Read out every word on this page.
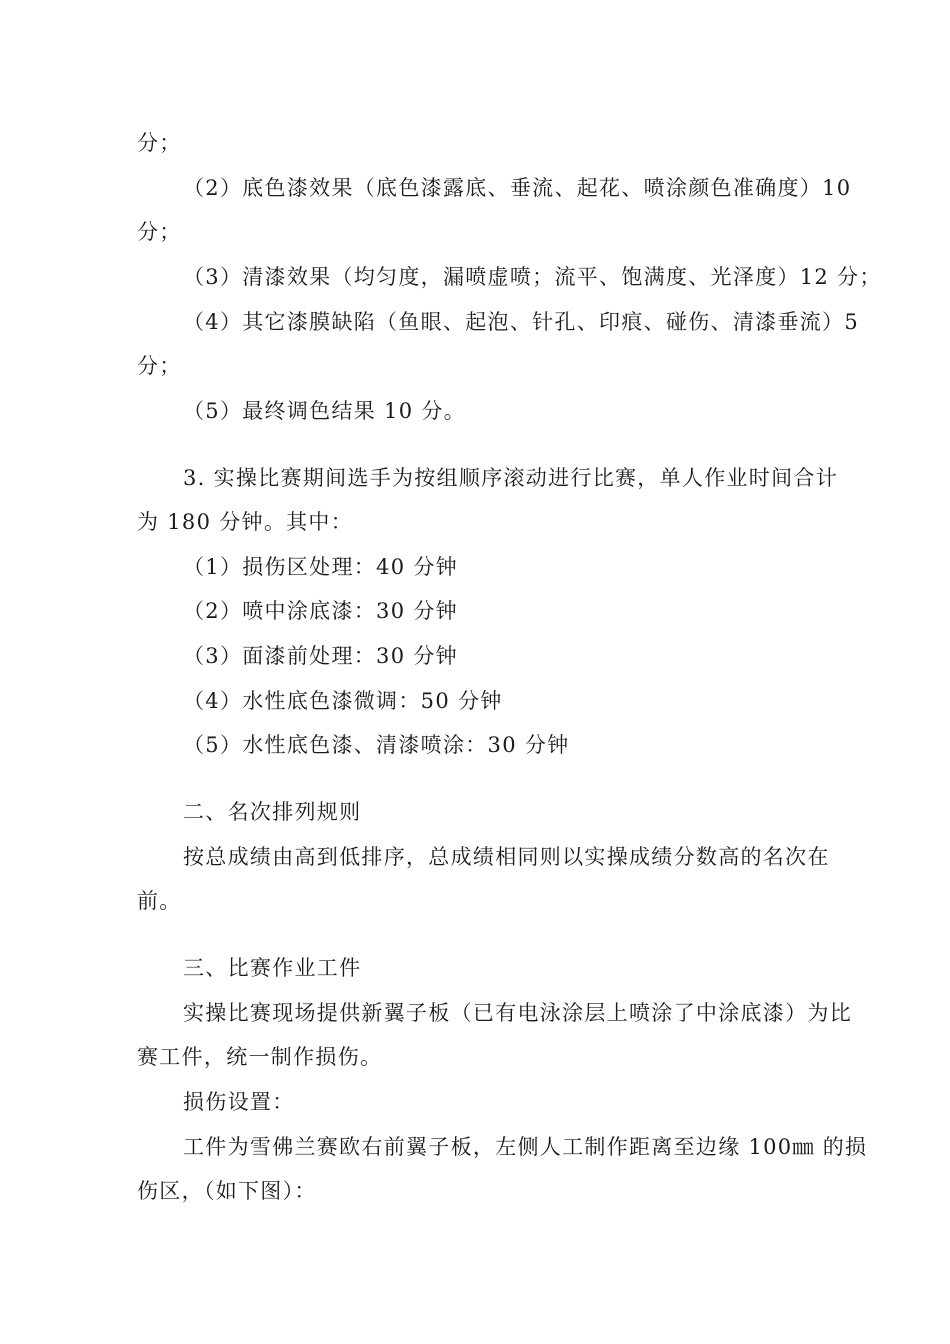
分；
（2）底色漆效果（底色漆露底、垂流、起花、喷涂颜色准确度）10
分；
（3）清漆效果（均匀度，漏喷虚喷；流平、饱满度、光泽度）12 分；
（4）其它漆膜缺陷（鱼眼、起泡、针孔、印痕、碰伤、清漆垂流）5
分；
（5）最终调色结果 10 分。
3. 实操比赛期间选手为按组顺序滚动进行比赛，单人作业时间合计
为 180 分钟。其中：
（1）损伤区处理：40 分钟
（2）喷中涂底漆：30 分钟
（3）面漆前处理：30 分钟
（4）水性底色漆微调：50 分钟
（5）水性底色漆、清漆喷涂：30 分钟
二、名次排列规则
按总成绩由高到低排序，总成绩相同则以实操成绩分数高的名次在
前。
三、比赛作业工件
实操比赛现场提供新翼子板（已有电泳涂层上喷涂了中涂底漆）为比
赛工件，统一制作损伤。
损伤设置：
工件为雪佛兰赛欧右前翼子板，左侧人工制作距离至边缘 100㎜ 的损
伤区，（如下图）：
